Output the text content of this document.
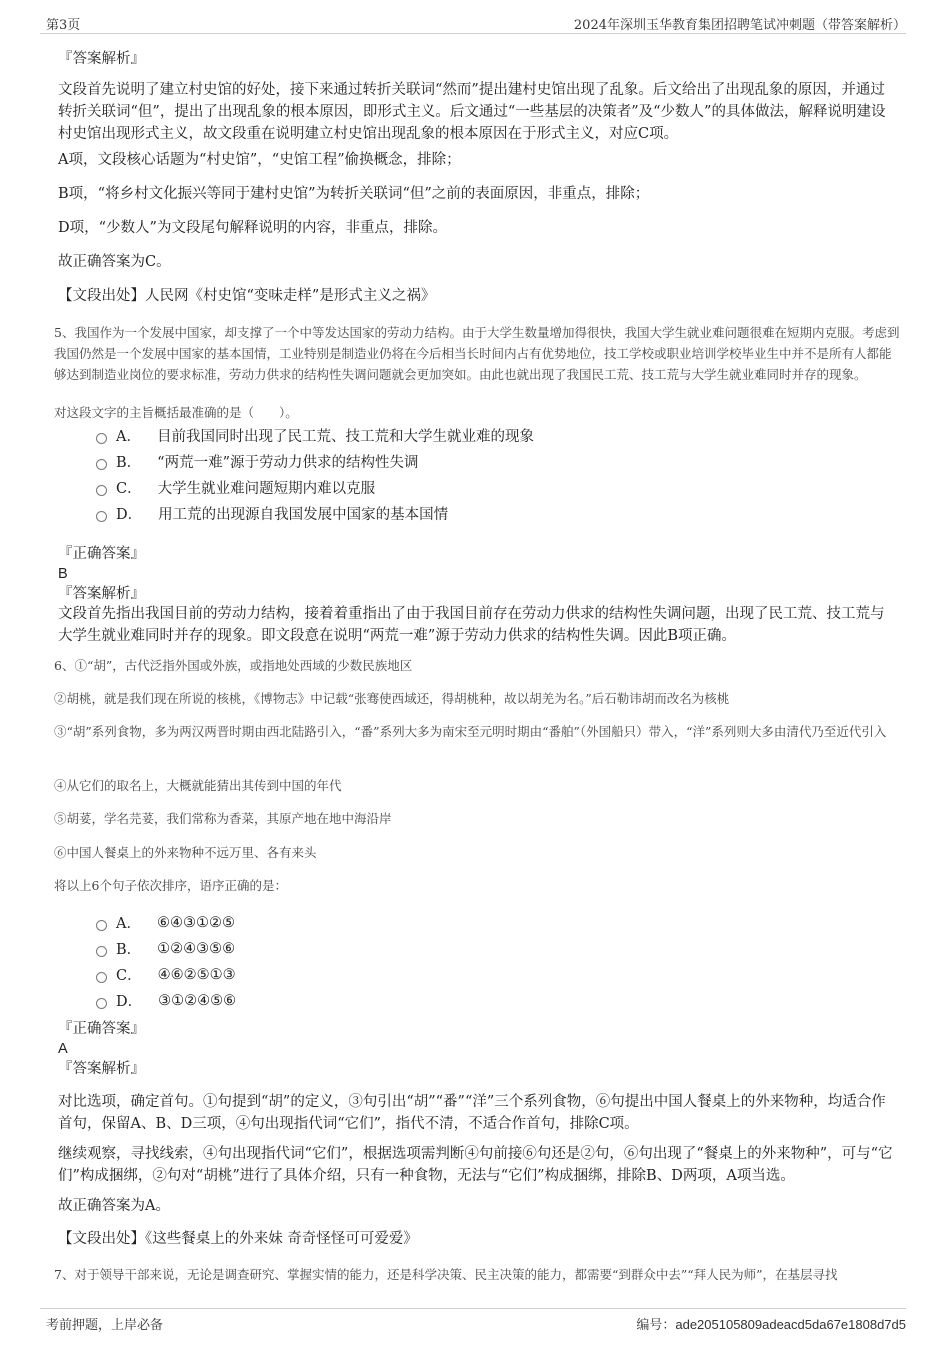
第3页	2024年深圳玉华教育集团招聘笔试冲刺题（带答案解析）
『答案解析』
文段首先说明了建立村史馆的好处，接下来通过转折关联词“然而”提出建村史馆出现了乱象。后文给出了出现乱象的原因，并通过转折关联词“但”，提出了出现乱象的根本原因，即形式主义。后文通过“一些基层的决策者”及“少数人”的具体做法，解释说明建设村史馆出现形式主义，故文段重在说明建立村史馆出现乱象的根本原因在于形式主义，对应C项。
A项，文段核心话题为“村史馆”，“史馆工程”偷换概念，排除；
B项，“将乡村文化振兴等同于建村史馆”为转折关联词“但”之前的表面原因，非重点，排除；
D项，“少数人”为文段尾句解释说明的内容，非重点，排除。
故正确答案为C。
【文段出处】人民网《村史馆“变味走样”是形式主义之祸》
5、我国作为一个发展中国家，却支撑了一个中等发达国家的劳动力结构。由于大学生数量增加得很快，我国大学生就业难问题很难在短期内克服。考虑到我国仍然是一个发展中国家的基本国情，工业特别是制造业仍将在今后相当长时间内占有优势地位，技工学校或职业培训学校毕业生中并不是所有人都能够达到制造业岗位的要求标准，劳动力供求的结构性失调问题就会更加突如。由此也就出现了我国民工荒、技工荒与大学生就业难同时并存的现象。
对这段文字的主旨概括最准确的是（　　）。
A． 目前我国同时出现了民工荒、技工荒和大学生就业难的现象
B． “两荒一难”源于劳动力供求的结构性失调
C． 大学生就业难问题短期内难以克服
D． 用工荒的出现源自我国发展中国家的基本国情
『正确答案』
B
『答案解析』
文段首先指出我国目前的劳动力结构，接着着重指出了由于我国目前存在劳动力供求的结构性失调问题，出现了民工荒、技工荒与大学生就业难同时并存的现象。即文段意在说明“两荒一难”源于劳动力供求的结构性失调。因此B项正确。
6、①“胡”，古代泛指外国或外族，或指地处西域的少数民族地区
②胡桃，就是我们现在所说的核桃，《博物志》中记载“张骞使西域还，得胡桃种，故以胡羌为名。”后石勒讳胡而改名为核桃
③“胡”系列食物，多为两汉两晋时期由西北陆路引入，“番”系列大多为南宋至元明时期由“番舶”（外国船只）带入，“洋”系列则大多由清代乃至近代引入
④从它们的取名上，大概就能猜出其传到中国的年代
⑤胡荽，学名芫荽，我们常称为香菜，其原产地在地中海沿岸
⑥中国人餐桌上的外来物种不远万里、各有来头
将以上6个句子依次排序，语序正确的是：
A． ⑥④③①②⑤
B． ①②④③⑤⑥
C． ④⑥②⑤①③
D． ③①②④⑤⑥
『正确答案』
A
『答案解析』
对比选项，确定首句。①句提到“胡”的定义，③句引出“胡”“番”“洋”三个系列食物，⑥句提出中国人餐桌上的外来物种，均适合作首句，保留A、B、D三项，④句出现指代词“它们”，指代不清，不适合作首句，排除C项。
继续观察，寻找线索，④句出现指代词“它们”，根据选项需判断④句前接⑥句还是②句，⑥句出现了“餐桌上的外来物种”，可与“它们”构成捆绑，②句对“胡桃”进行了具体介绍，只有一种食物，无法与“它们”构成捆绑，排除B、D两项，A项当选。
故正确答案为A。
【文段出处】《这些餐桌上的外来妹 奇奇怪怪可可爱爱》
7、对于领导干部来说，无论是调查研究、掌握实情的能力，还是科学决策、民主决策的能力，都需要“到群众中去”“拜人民为师”，在基层寻找
考前押题，上岸必备	编号：ade205105809adeacd5da67e1808d7d5
